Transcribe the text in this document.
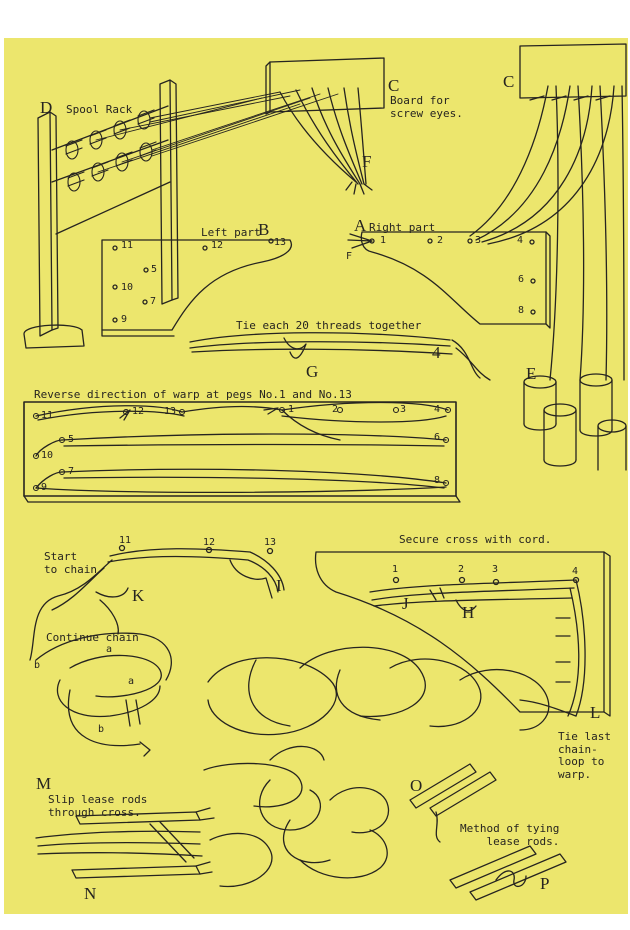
D Spool Rack
C
Board for
screw eyes.
C
F
Left part
B
11	12	13
5
10
7
9
A Right part
F
1	2	3	4
6
8
E
Tie each 20 threads together
G
4
Reverse direction of warp at pegs No.1 and No.13
11	12 13	1	2	3	4
5	6
10
7
8
9
Start
to chain
11	12	13
K
I
Continue chain
a
a
b
b
Secure cross with cord.
1	2	3	4
J	H
L
Tie last
chain-
loop to
warp.
M
Slip lease rods
through cross.
N
O
Method of tying
lease rods.
P
